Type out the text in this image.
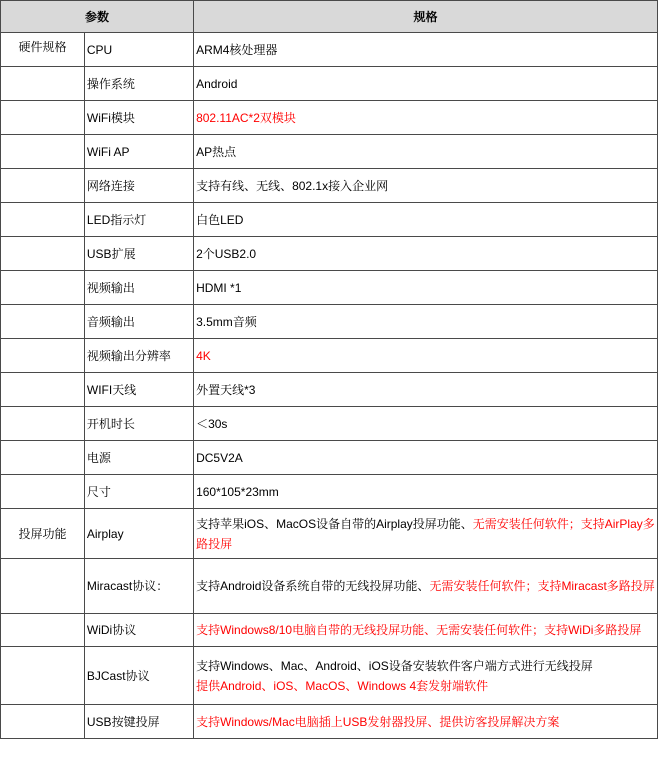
参数		规格
硬件规格	CPU	ARM4核处理器
	操作系统	Android
	WiFi模块	802.11AC*2双模块
	WiFi AP	AP热点
	网络连接	支持有线、无线、802.1x接入企业网
	LED指示灯	白色LED
	USB扩展	2个USB2.0
	视频输出	HDMI *1
	音频输出	3.5mm音频
	视频输出分辨率	4K
	WIFI天线	外置天线*3
	开机时长	＜30s
	电源	DC5V2A
	尺寸	160*105*23mm
投屏功能	Airplay	支持苹果iOS、MacOS设备自带的Airplay投屏功能、无需安装任何软件；支持AirPlay多路投屏
	Miracast协议：	支持Android设备系统自带的无线投屏功能、无需安装任何软件；支持Miracast多路投屏
	WiDi协议	支持Windows8/10电脑自带的无线投屏功能、无需安装任何软件；支持WiDi多路投屏
	BJCast协议	支持Windows、Mac、Android、iOS设备安装软件客户端方式进行无线投屏
提供Android、iOS、MacOS、Windows 4套发射端软件

	USB按键投屏	支持Windows/Mac电脑插上USB发射器投屏、提供访客投屏解决方案
